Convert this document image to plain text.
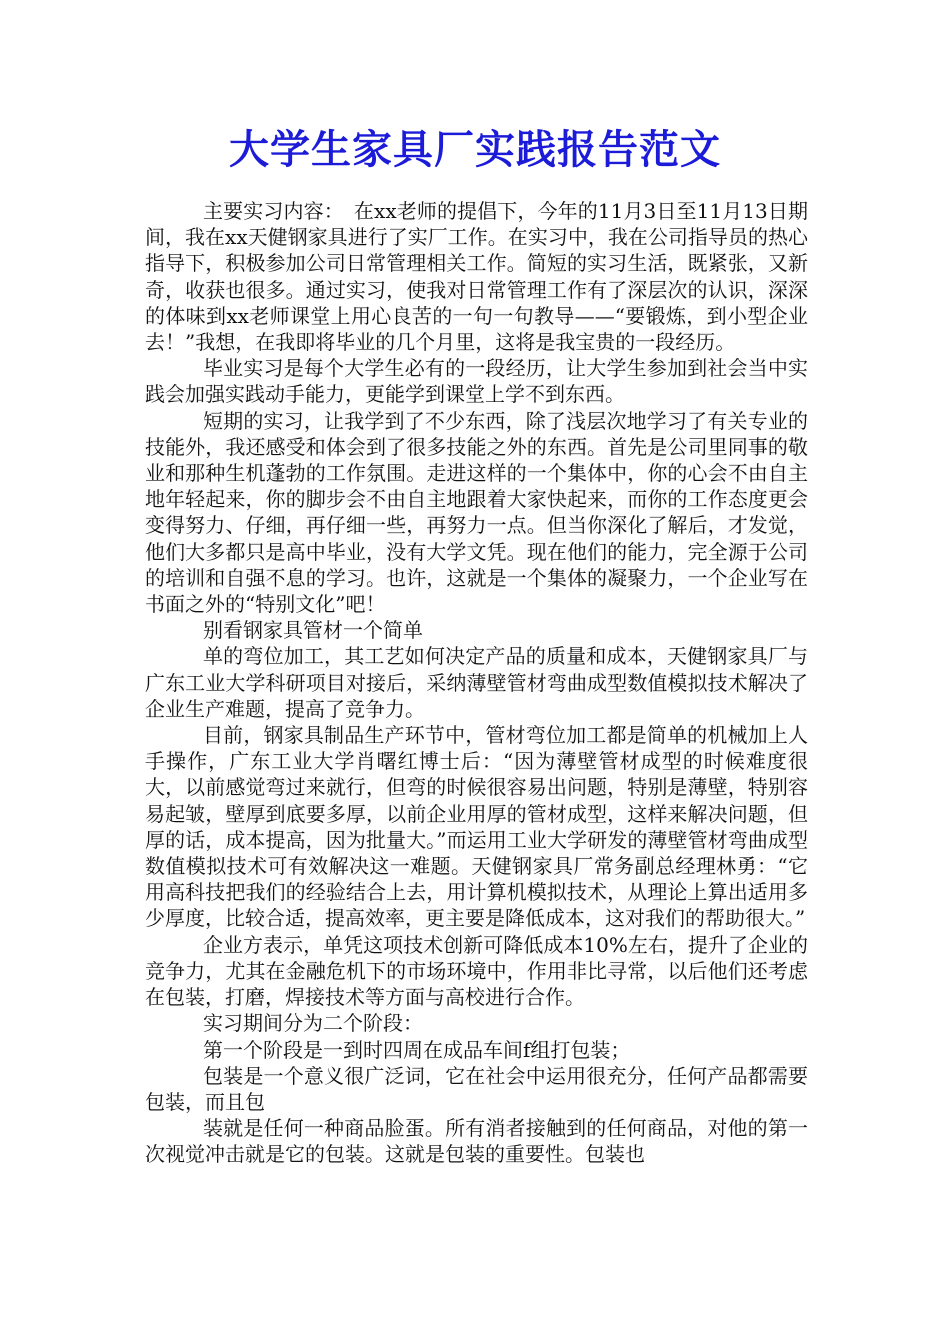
大学生家具厂实践报告范文

主要实习内容：　在xx老师的提倡下，今年的11月3日至11月13日期间，我在xx天健钢家具进行了实厂工作。在实习中，我在公司指导员的热心指导下，积极参加公司日常管理相关工作。简短的实习生活，既紧张，又新奇，收获也很多。通过实习，使我对日常管理工作有了深层次的认识，深深的体味到xx老师课堂上用心良苦的一句一句教导——“要锻炼，到小型企业去！”我想，在我即将毕业的几个月里，这将是我宝贵的一段经历。

毕业实习是每个大学生必有的一段经历，让大学生参加到社会当中实践会加强实践动手能力，更能学到课堂上学不到东西。

短期的实习，让我学到了不少东西，除了浅层次地学习了有关专业的技能外，我还感受和体会到了很多技能之外的东西。首先是公司里同事的敬业和那种生机蓬勃的工作氛围。走进这样的一个集体中，你的心会不由自主地年轻起来，你的脚步会不由自主地跟着大家快起来，而你的工作态度更会变得努力、仔细，再仔细一些，再努力一点。但当你深化了解后，才发觉，他们大多都只是高中毕业，没有大学文凭。现在他们的能力，完全源于公司的培训和自强不息的学习。也许，这就是一个集体的凝聚力，一个企业写在书面之外的“特别文化”吧！

别看钢家具管材一个简单

单的弯位加工，其工艺如何决定产品的质量和成本，天健钢家具厂与广东工业大学科研项目对接后，采纳薄壁管材弯曲成型数值模拟技术解决了企业生产难题，提高了竞争力。

目前，钢家具制品生产环节中，管材弯位加工都是简单的机械加上人手操作，广东工业大学肖曙红博士后：“因为薄壁管材成型的时候难度很大，以前感觉弯过来就行，但弯的时候很容易出问题，特别是薄壁，特别容易起皱，壁厚到底要多厚，以前企业用厚的管材成型，这样来解决问题，但厚的话，成本提高，因为批量大。”而运用工业大学研发的薄壁管材弯曲成型数值模拟技术可有效解决这一难题。天健钢家具厂常务副总经理林勇：“它用高科技把我们的经验结合上去，用计算机模拟技术，从理论上算出适用多少厚度，比较合适，提高效率，更主要是降低成本，这对我们的帮助很大。”

企业方表示，单凭这项技术创新可降低成本10%左右，提升了企业的竞争力，尤其在金融危机下的市场环境中，作用非比寻常，以后他们还考虑在包装，打磨，焊接技术等方面与高校进行合作。

实习期间分为二个阶段：

第一个阶段是一到时四周在成品车间f组打包装；

包装是一个意义很广泛词，它在社会中运用很充分，任何产品都需要包装，而且包

装就是任何一种商品脸蛋。所有消者接触到的任何商品，对他的第一次视觉冲击就是它的包装。这就是包装的重要性。包装也
